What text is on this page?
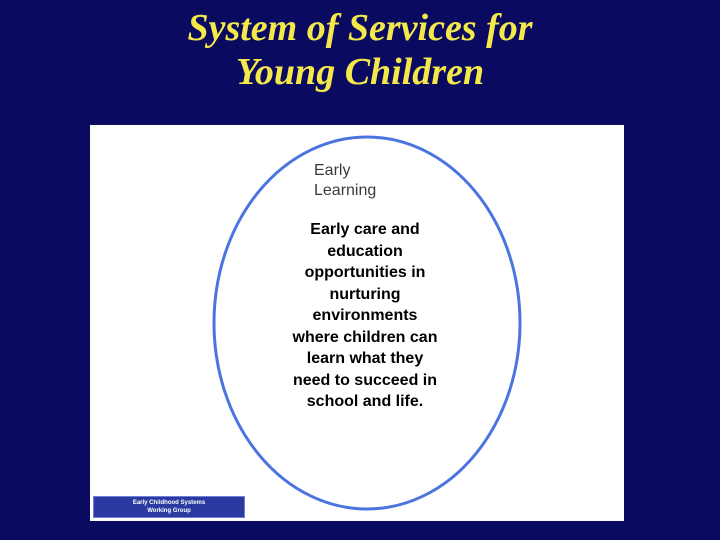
System of Services for
Young Children
Early
Learning
Early care and
education
opportunities in
nurturing
environments
where children can
learn what they
need to succeed in
school and life.
Early Childhood Systems
Working Group
